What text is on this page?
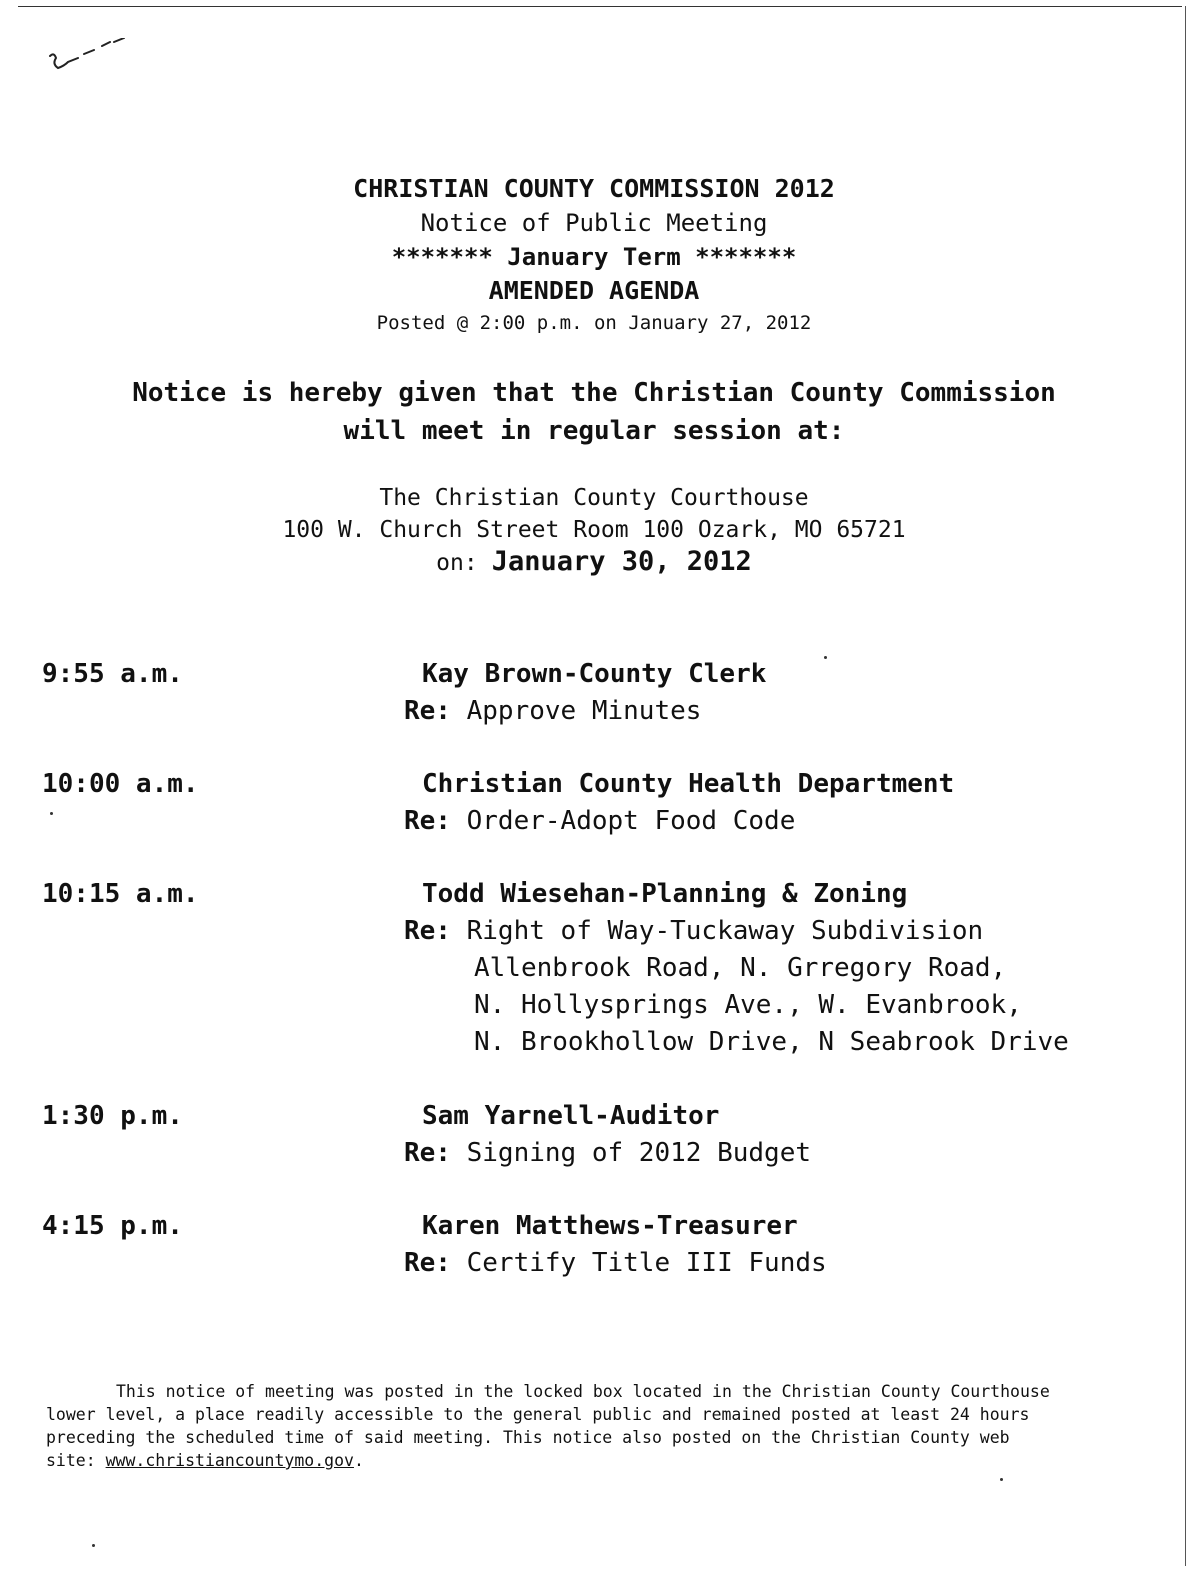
CHRISTIAN COUNTY COMMISSION 2012

Notice of Public Meeting

******* January Term *******

AMENDED AGENDA

Posted @ 2:00 p.m. on January 27, 2012

Notice is hereby given that the Christian County Commission
will meet in regular session at:
The Christian County Courthouse
100 W. Church Street Room 100 Ozark, MO 65721
on: January 30, 2012
9:55 a.m.	Kay Brown-County Clerk
Re: Approve Minutes
10:00 a.m.	Christian County Health Department
Re: Order-Adopt Food Code
10:15 a.m.	Todd Wiesehan-Planning & Zoning
Re: Right of Way-Tuckaway Subdivision
Allenbrook Road, N. Grregory Road,
N. Hollysprings Ave., W. Evanbrook,
N. Brookhollow Drive, N Seabrook Drive
1:30 p.m.	Sam Yarnell-Auditor
Re: Signing of 2012 Budget
4:15 p.m.	Karen Matthews-Treasurer
Re: Certify Title III Funds
This notice of meeting was posted in the locked box located in the Christian County Courthouse
lower level, a place readily accessible to the general public and remained posted at least 24 hours
preceding the scheduled time of said meeting. This notice also posted on the Christian County web
site: www.christiancountymo.gov.
